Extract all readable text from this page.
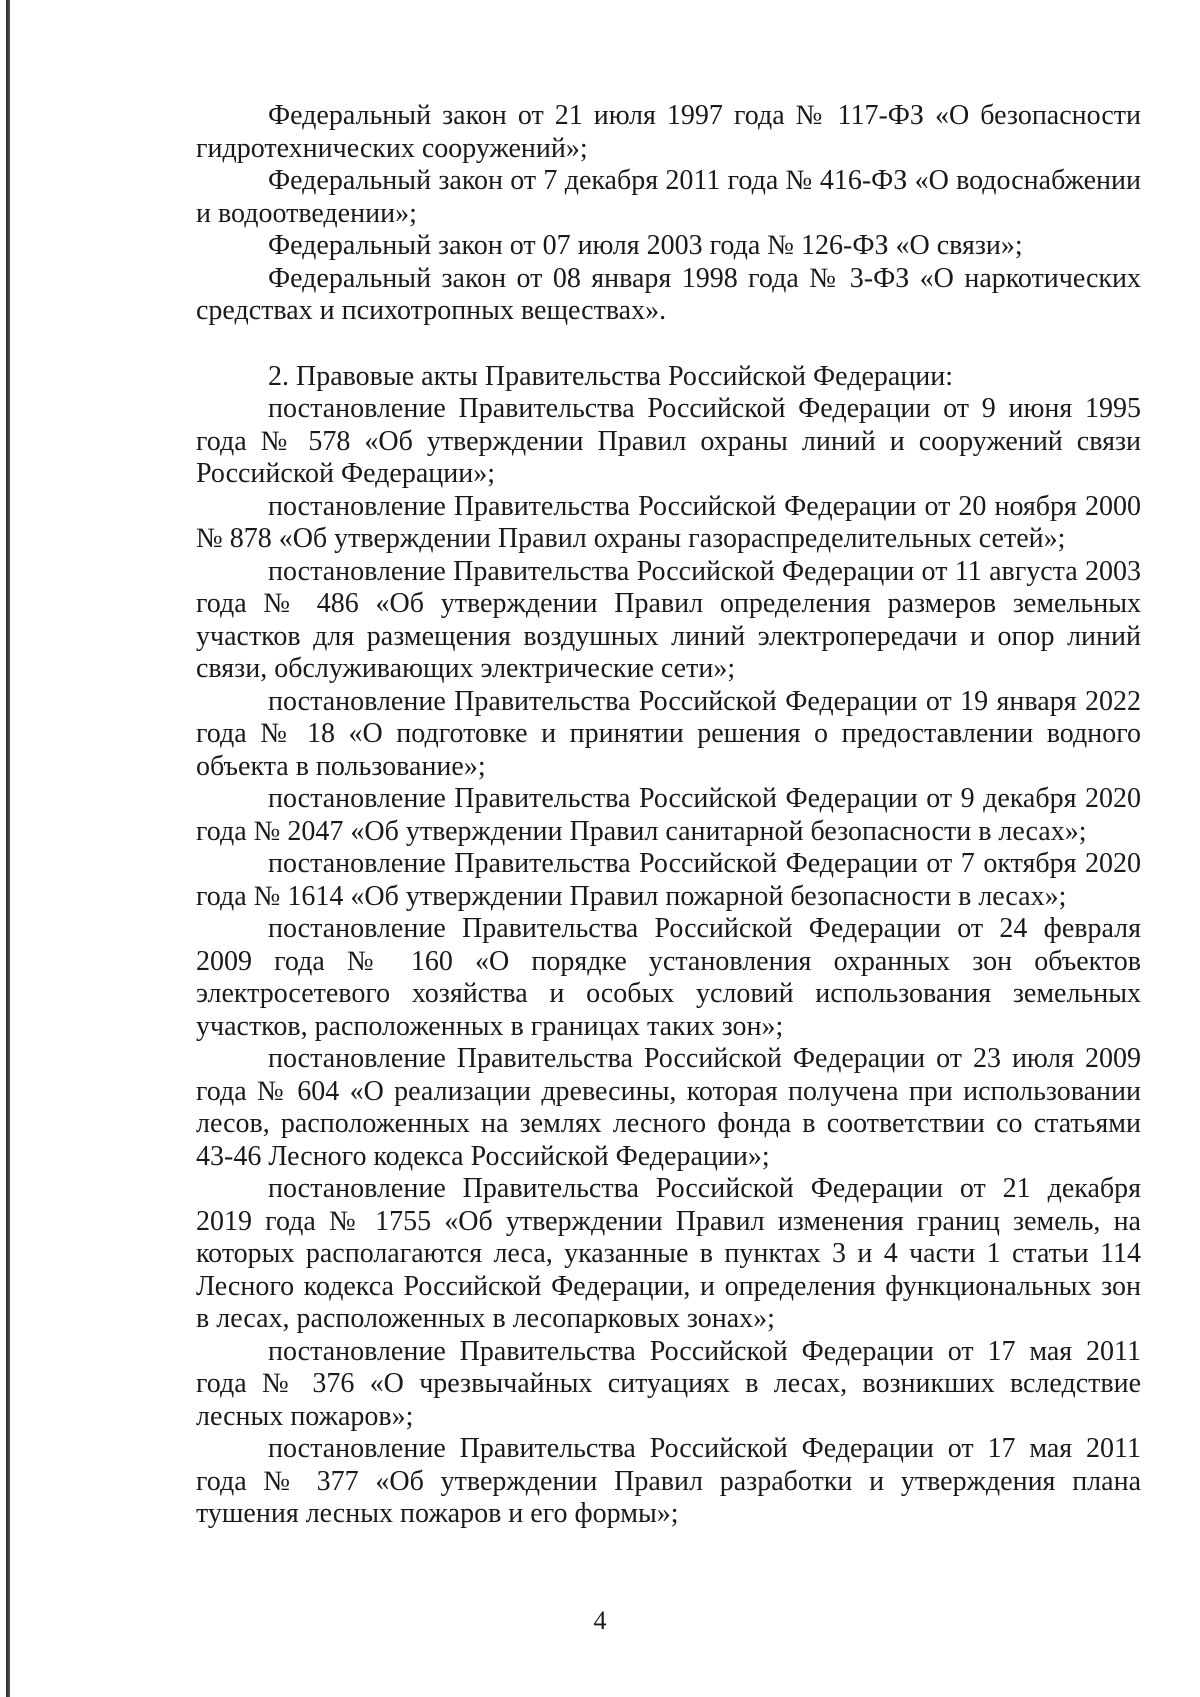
Федеральный закон от 21 июля 1997 года № 117-ФЗ «О безопасности гидротехнических сооружений»;

Федеральный закон от 7 декабря 2011 года № 416-ФЗ «О водоснабжении и водоотведении»;

Федеральный закон от 07 июля 2003 года № 126-ФЗ «О связи»;

Федеральный закон от 08 января 1998 года № 3-ФЗ «О наркотических средствах и психотропных веществах».

2. Правовые акты Правительства Российской Федерации:

постановление Правительства Российской Федерации от 9 июня 1995 года № 578 «Об утверждении Правил охраны линий и сооружений связи Российской Федерации»;

постановление Правительства Российской Федерации от 20 ноября 2000 № 878 «Об утверждении Правил охраны газораспределительных сетей»;

постановление Правительства Российской Федерации от 11 августа 2003 года № 486 «Об утверждении Правил определения размеров земельных участков для размещения воздушных линий электропередачи и опор линий связи, обслуживающих электрические сети»;

постановление Правительства Российской Федерации от 19 января 2022 года № 18 «О подготовке и принятии решения о предоставлении водного объекта в пользование»;

постановление Правительства Российской Федерации от 9 декабря 2020 года № 2047 «Об утверждении Правил санитарной безопасности в лесах»;

постановление Правительства Российской Федерации от 7 октября 2020 года № 1614 «Об утверждении Правил пожарной безопасности в лесах»;

постановление Правительства Российской Федерации от 24 февраля 2009 года № 160 «О порядке установления охранных зон объектов электросетевого хозяйства и особых условий использования земельных участков, расположенных в границах таких зон»;

постановление Правительства Российской Федерации от 23 июля 2009 года № 604 «О реализации древесины, которая получена при использовании лесов, расположенных на землях лесного фонда в соответствии со статьями 43-46 Лесного кодекса Российской Федерации»;

постановление Правительства Российской Федерации от 21 декабря 2019 года № 1755 «Об утверждении Правил изменения границ земель, на которых располагаются леса, указанные в пунктах 3 и 4 части 1 статьи 114 Лесного кодекса Российской Федерации, и определения функциональных зон в лесах, расположенных в лесопарковых зонах»;

постановление Правительства Российской Федерации от 17 мая 2011 года № 376 «О чрезвычайных ситуациях в лесах, возникших вследствие лесных пожаров»;

постановление Правительства Российской Федерации от 17 мая 2011 года № 377 «Об утверждении Правил разработки и утверждения плана тушения лесных пожаров и его формы»;

4
